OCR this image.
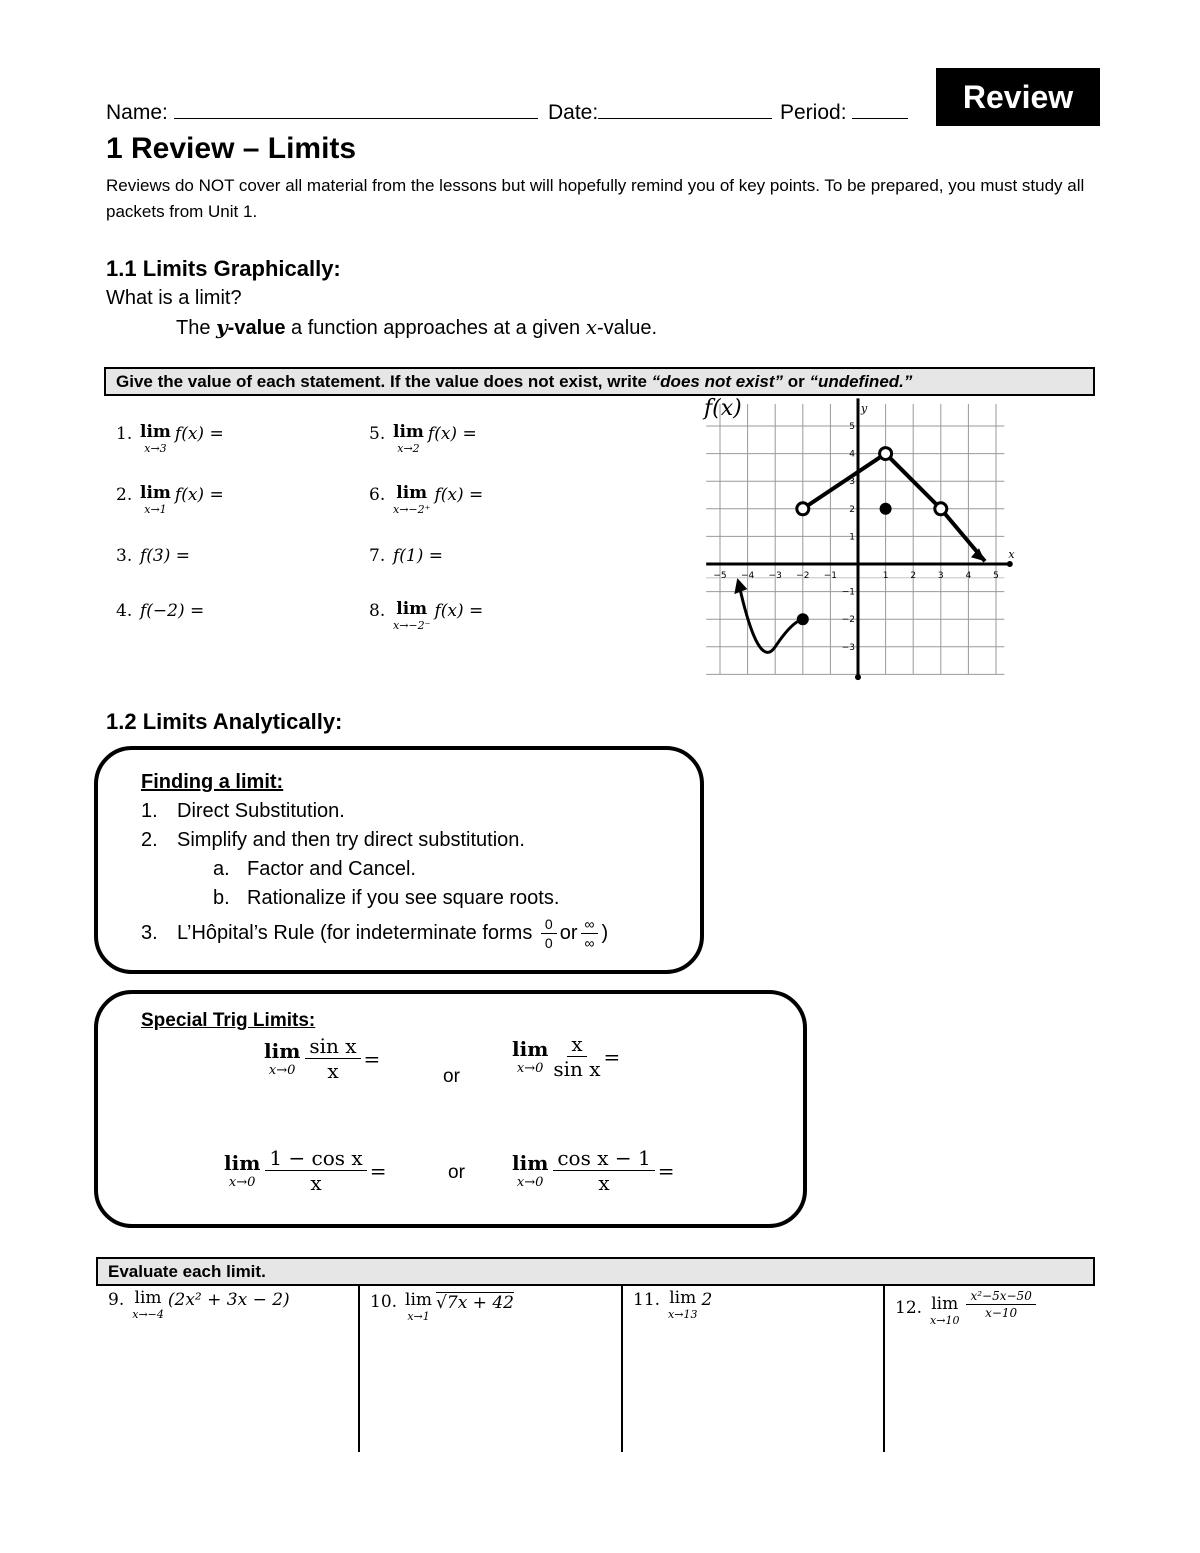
Name:	Date:	Period:	Review
1 Review – Limits
Reviews do NOT cover all material from the lessons but will hopefully remind you of key points. To be prepared, you must study all packets from Unit 1.
1.1 Limits Graphically:
What is a limit?
The y-value a function approaches at a given x-value.
Give the value of each statement. If the value does not exist, write “does not exist” or “undefined.”
1. lim
x→3
f(x) =
2. lim
x→1
f(x) =
3. f(3) =
4. f(−2) =
5. lim
x→2
f(x) =
6. lim
x→−2⁺
f(x) =
7. f(1) =
8. lim
x→−2⁻
f(x) =
f(x)
x
y
−5 −4 −3 −2 −1	1 2 3 4 5
5
4
3
2
1
−1
−2
−3
1.2 Limits Analytically:
Finding a limit:
1. Direct Substitution.
2. Simplify and then try direct substitution.
a. Factor and Cancel.
b. Rationalize if you see square roots.
3. L’Hôpital’s Rule (for indeterminate forms $\frac{0}{0}$ or $\frac{\infty}{\infty}$ )
Special Trig Limits:
lim
$x\to 0 \frac{\text{sin x}}{x}$ =
or
lim
$x\to 0 \frac{x}{\text{sin x}}$ =
lim
$x\to 0 \frac{\text{1 − cos x}}{x}$ =	or lim
$x\to 0 \frac{\text{cos x − 1}}{x}$ =
Evaluate each limit.
9. lim
x→−4
(2x² + 3x − 2)	10. lim
x→1
√7x + 42	11. lim
x→13
2	12. lim
x→10
$\frac{\text{x²−5x−50}}{x-10}$
